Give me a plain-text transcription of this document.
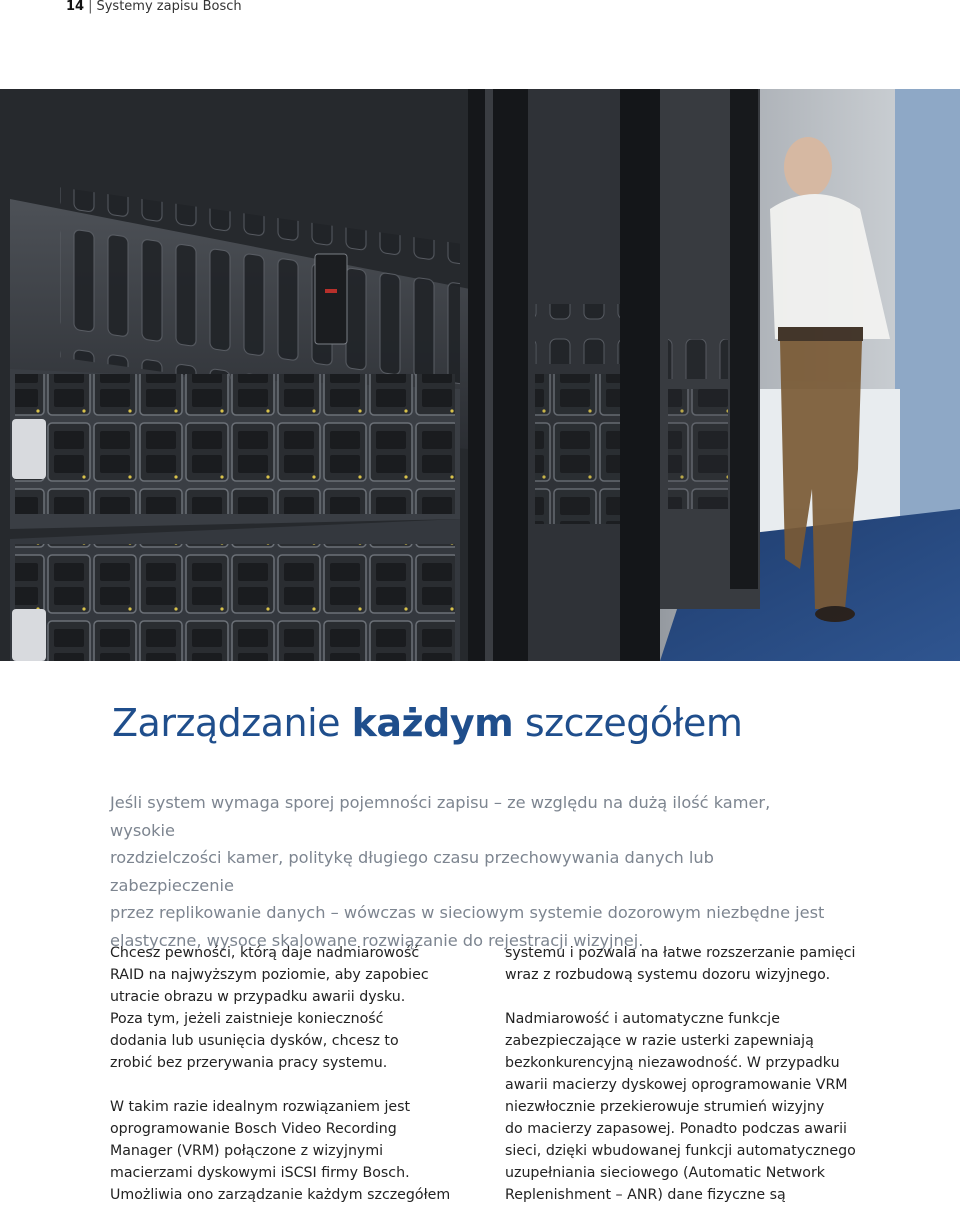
14 | Systemy zapisu Bosch
Zarządzanie każdym szczegółem

Jeśli system wymaga sporej pojemności zapisu – ze względu na dużą ilość kamer, wysokie
rozdzielczości kamer, politykę długiego czasu przechowywania danych lub zabezpieczenie
przez replikowanie danych – wówczas w sieciowym systemie dozorowym niezbędne jest
elastyczne, wysoce skalowane rozwiązanie do rejestracji wizyjnej.

Chcesz pewności, którą daje nadmiarowość
RAID na najwyższym poziomie, aby zapobiec
utracie obrazu w przypadku awarii dysku.
Poza tym, jeżeli zaistnieje konieczność
dodania lub usunięcia dysków, chcesz to
zrobić bez przerywania pracy systemu.

W takim razie idealnym rozwiązaniem jest
oprogramowanie Bosch Video Recording
Manager (VRM) połączone z wizyjnymi
macierzami dyskowymi iSCSI firmy Bosch.
Umożliwia ono zarządzanie każdym szczegółem

systemu i pozwala na łatwe rozszerzanie pamięci
wraz z rozbudową systemu dozoru wizyjnego.

Nadmiarowość i automatyczne funkcje
zabezpieczające w razie usterki zapewniają
bezkonkurencyjną niezawodność. W przypadku
awarii macierzy dyskowej oprogramowanie VRM
niezwłocznie przekierowuje strumień wizyjny
do macierzy zapasowej. Ponadto podczas awarii
sieci, dzięki wbudowanej funkcji automatycznego
uzupełniania sieciowego (Automatic Network
Replenishment – ANR) dane fizyczne są
